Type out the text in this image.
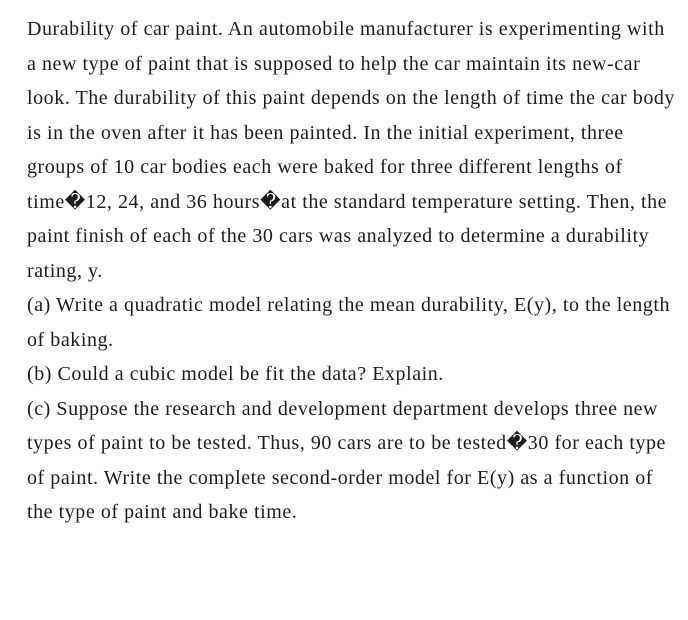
Durability of car paint. An automobile manufacturer is experimenting with a new type of paint that is supposed to help the car maintain its new-car look. The durability of this paint depends on the length of time the car body is in the oven after it has been painted. In the initial experiment, three groups of 10 car bodies each were baked for three different lengths of time�12, 24, and 36 hours�at the standard temperature setting. Then, the paint finish of each of the 30 cars was analyzed to determine a durability rating, y.

(a) Write a quadratic model relating the mean durability, E(y), to the length of baking.

(b) Could a cubic model be fit the data? Explain.

(c) Suppose the research and development department develops three new types of paint to be tested. Thus, 90 cars are to be tested�30 for each type of paint. Write the complete second-order model for E(y) as a function of the type of paint and bake time.
